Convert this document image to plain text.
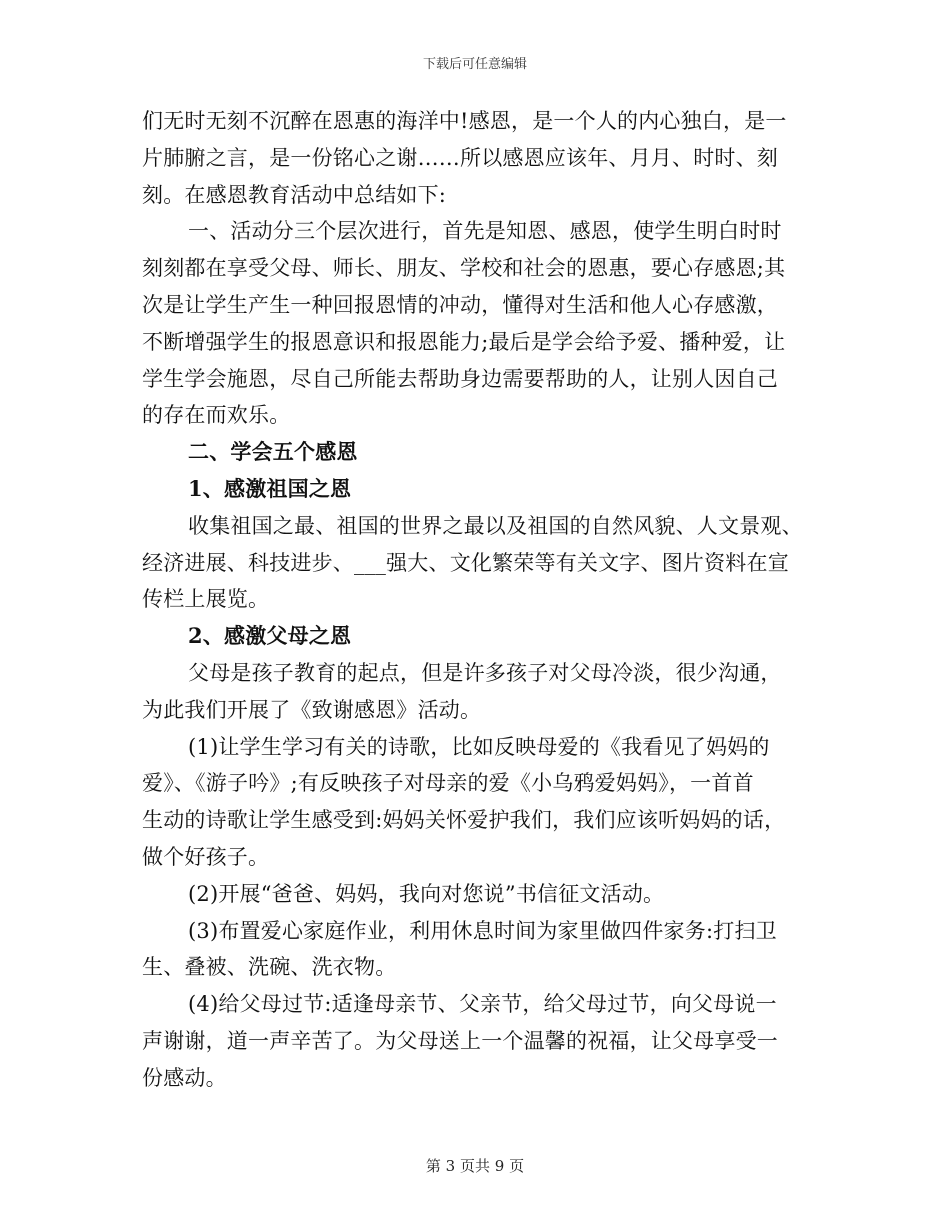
下载后可任意编辑
们无时无刻不沉醉在恩惠的海洋中!感恩，是一个人的内心独白，是一
片肺腑之言，是一份铭心之谢……所以感恩应该年、月月、时时、刻
刻。在感恩教育活动中总结如下:
一、活动分三个层次进行，首先是知恩、感恩，使学生明白时时
刻刻都在享受父母、师长、朋友、学校和社会的恩惠，要心存感恩;其
次是让学生产生一种回报恩情的冲动，懂得对生活和他人心存感激，
不断增强学生的报恩意识和报恩能力;最后是学会给予爱、播种爱，让
学生学会施恩，尽自己所能去帮助身边需要帮助的人，让别人因自己
的存在而欢乐。
二、学会五个感恩
1、感激祖国之恩
收集祖国之最、祖国的世界之最以及祖国的自然风貌、人文景观、
经济进展、科技进步、___强大、文化繁荣等有关文字、图片资料在宣
传栏上展览。
2、感激父母之恩
父母是孩子教育的起点，但是许多孩子对父母冷淡，很少沟通，
为此我们开展了《致谢感恩》活动。
(1)让学生学习有关的诗歌，比如反映母爱的《我看见了妈妈的
爱》、《游子吟》;有反映孩子对母亲的爱《小乌鸦爱妈妈》，一首首
生动的诗歌让学生感受到:妈妈关怀爱护我们，我们应该听妈妈的话，
做个好孩子。
(2)开展“爸爸、妈妈，我向对您说”书信征文活动。
(3)布置爱心家庭作业，利用休息时间为家里做四件家务:打扫卫
生、叠被、洗碗、洗衣物。
(4)给父母过节:适逢母亲节、父亲节，给父母过节，向父母说一
声谢谢，道一声辛苦了。为父母送上一个温馨的祝福，让父母享受一
份感动。
第 3 页共 9 页
